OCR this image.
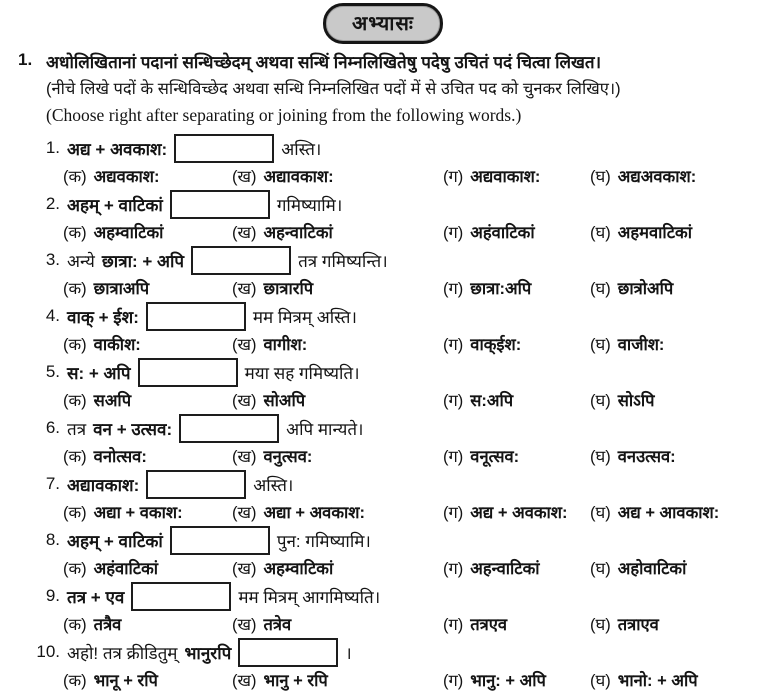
अभ्यासः
1. अधोलिखितानां पदानां सन्धिच्छेदम् अथवा सन्धिं निम्नलिखितेषु पदेषु उचितं पदं चित्वा लिखत।
(नीचे लिखे पदों के सन्धिविच्छेद अथवा सन्धि निम्नलिखित पदों में से उचित पद को चुनकर लिखिए।)
(Choose right after separating or joining from the following words.)
1. अद्य + अवकाश:	अस्ति।
(क) अद्यवकाश:	(ख) अद्यावकाश:	(ग) अद्यवाकाश:	(घ) अद्यअवकाश:
2. अहम् + वाटिकां	गमिष्यामि।
(क) अहम्वाटिकां	(ख) अहन्वाटिकां	(ग) अहंवाटिकां	(घ) अहमवाटिकां
3. अन्ये छात्रा: + अपि	तत्र गमिष्यन्ति।
(क) छात्राअपि	(ख) छात्रारपि	(ग) छात्रा:अपि	(घ) छात्रोअपि
4. वाक् + ईश:	मम मित्रम् अस्ति।
(क) वाकीश:	(ख) वागीश:	(ग) वाक्ईश:	(घ) वाजीश:
5. स: + अपि	मया सह गमिष्यति।
(क) सअपि	(ख) सोअपि	(ग) स:अपि	(घ) सोऽपि
6. तत्र वन + उत्सव:	अपि मान्यते।
(क) वनोत्सव:	(ख) वनुत्सव:	(ग) वनूत्सव:	(घ) वनउत्सव:
7. अद्यावकाश:	अस्ति।
(क) अद्या + वकाश:	(ख) अद्या + अवकाश:	(ग) अद्य + अवकाश:	(घ) अद्य + आवकाश:
8. अहम् + वाटिकां	पुन: गमिष्यामि।
(क) अहंवाटिकां	(ख) अहम्वाटिकां	(ग) अहन्वाटिकां	(घ) अहोवाटिकां
9. तत्र + एव	मम मित्रम् आगमिष्यति।
(क) तत्रैव	(ख) तत्रेव	(ग) तत्रएव	(घ) तत्राएव
10. अहो! तत्र क्रीडितुम् भानुरपि	।
(क) भानू + रपि	(ख) भानु + रपि	(ग) भानु: + अपि	(घ) भानो: + अपि
